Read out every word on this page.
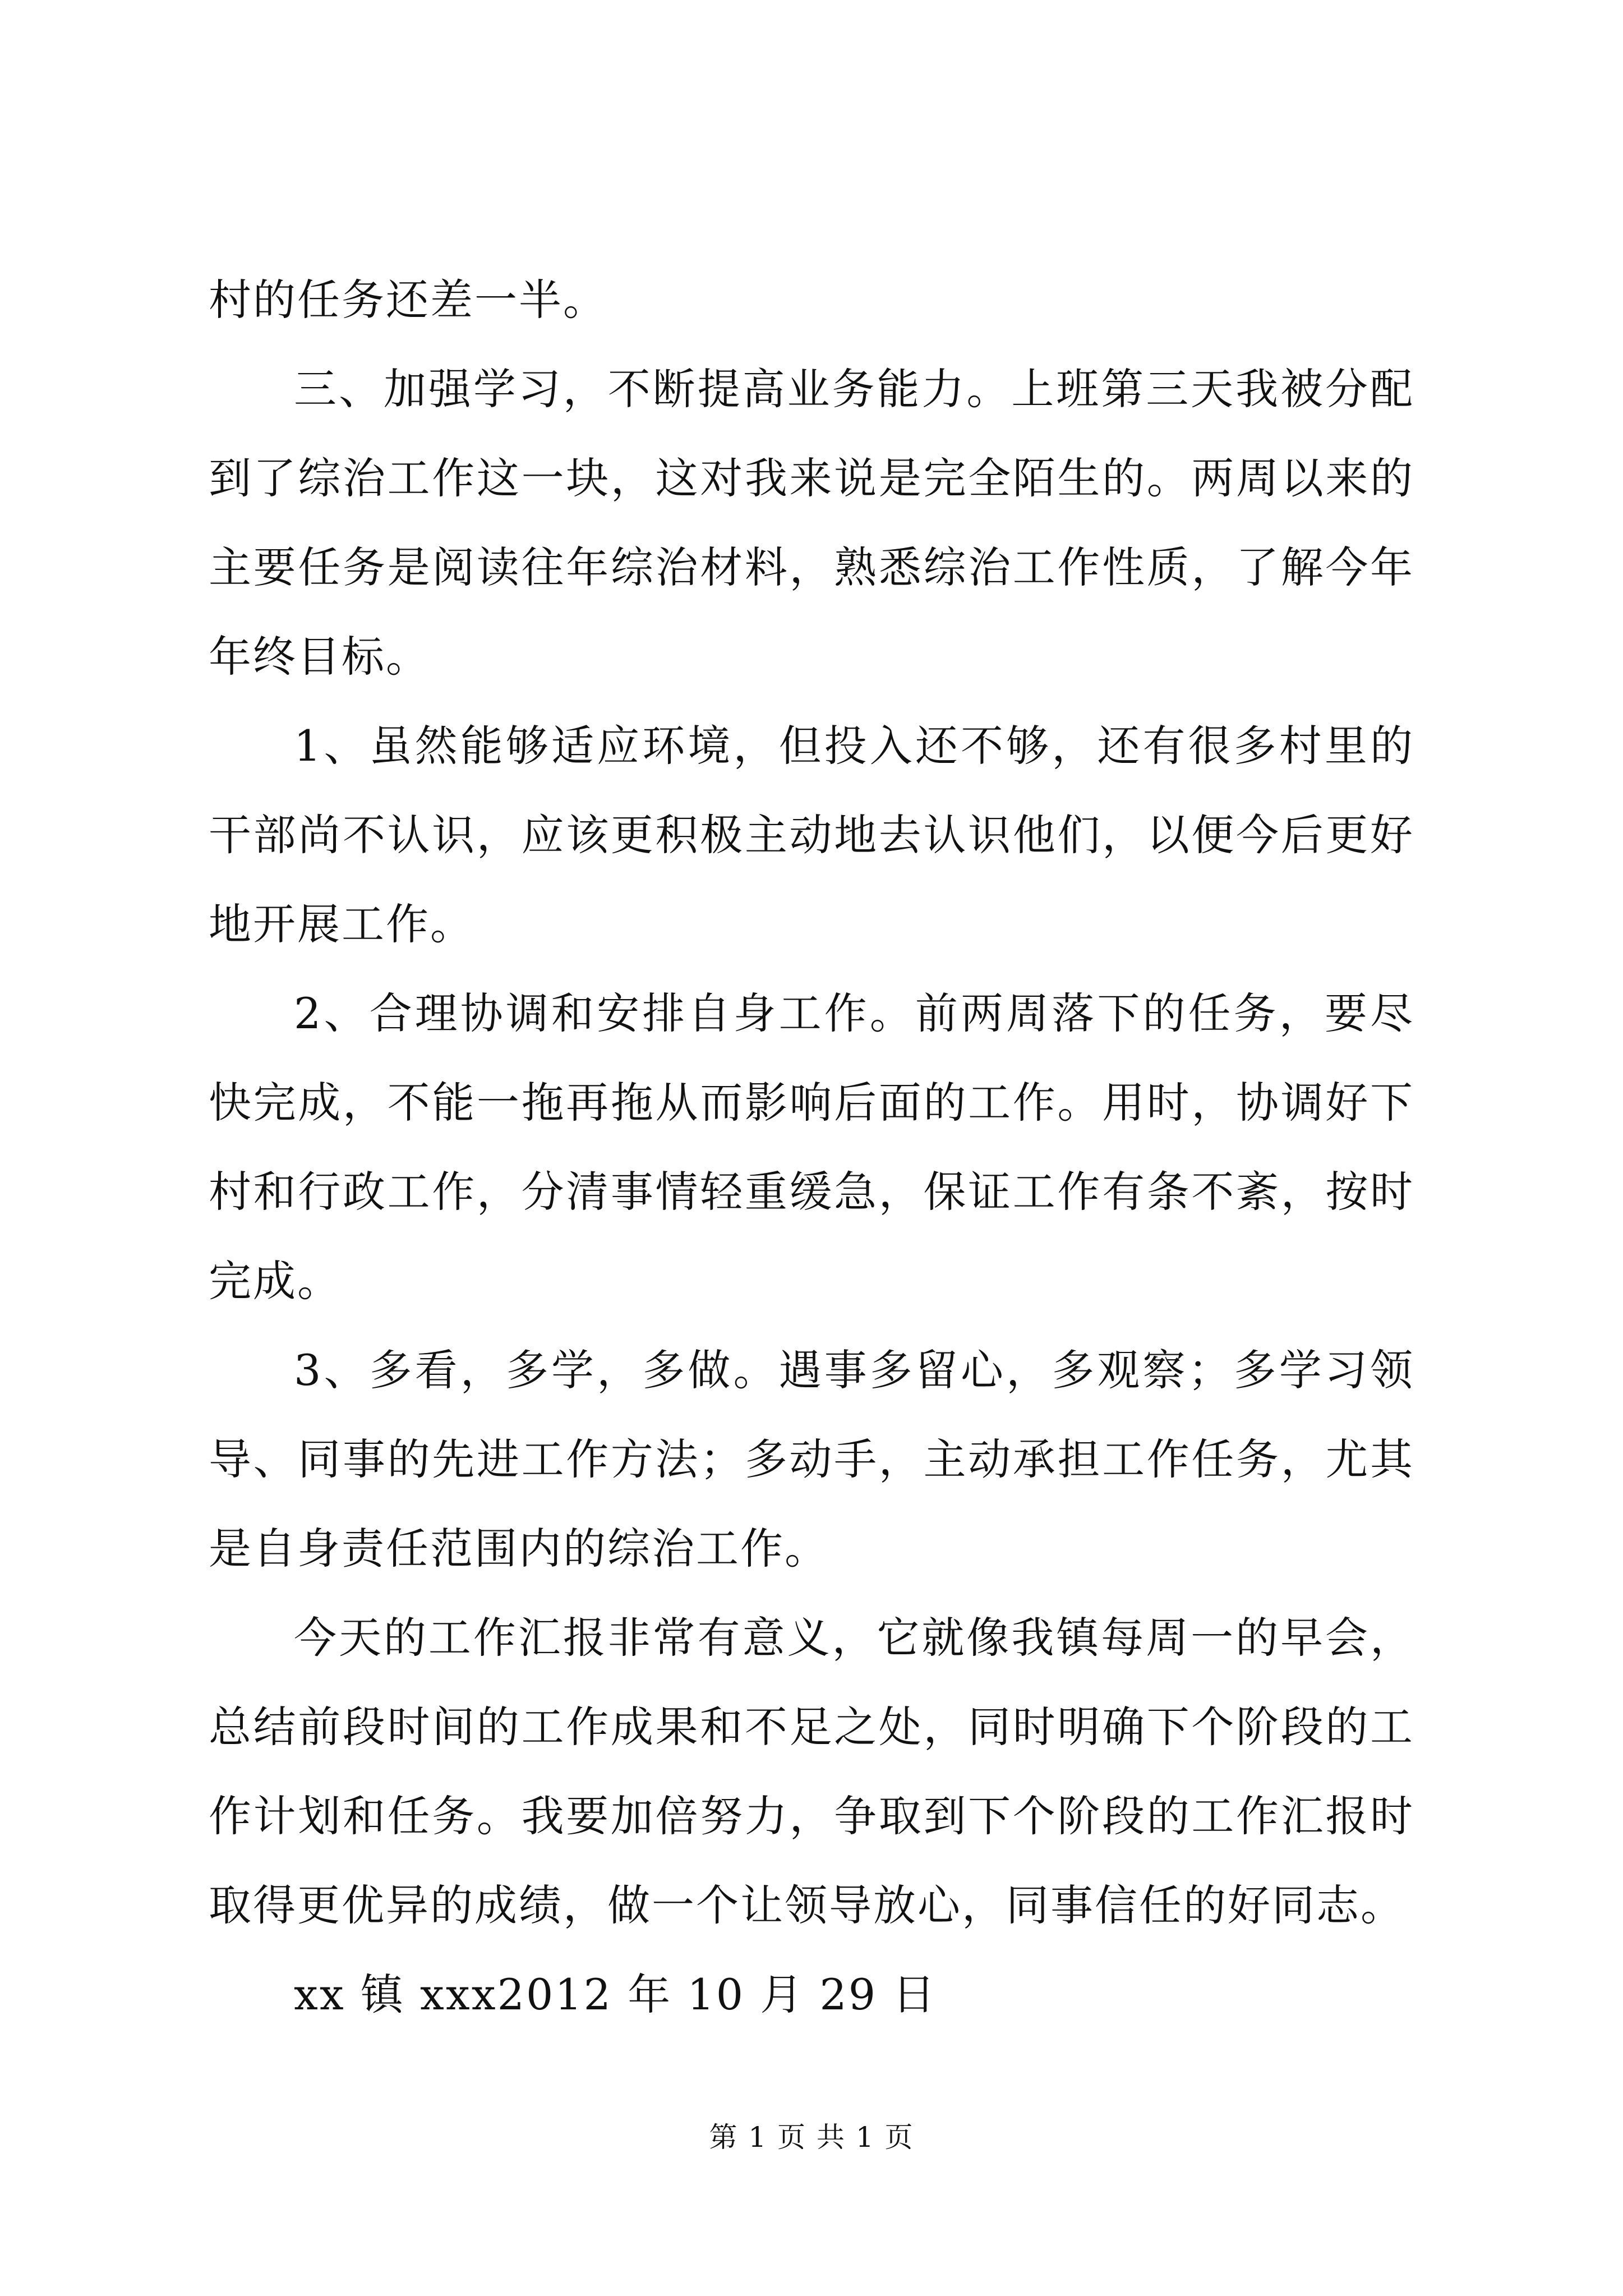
村的任务还差一半。

三、加强学习，不断提高业务能力。上班第三天我被分配到了综治工作这一块，这对我来说是完全陌生的。两周以来的主要任务是阅读往年综治材料，熟悉综治工作性质，了解今年年终目标。

1、虽然能够适应环境，但投入还不够，还有很多村里的干部尚不认识，应该更积极主动地去认识他们，以便今后更好地开展工作。

2、合理协调和安排自身工作。前两周落下的任务，要尽快完成，不能一拖再拖从而影响后面的工作。用时，协调好下村和行政工作，分清事情轻重缓急，保证工作有条不紊，按时完成。

3、多看，多学，多做。遇事多留心，多观察；多学习领导、同事的先进工作方法；多动手，主动承担工作任务，尤其是自身责任范围内的综治工作。

今天的工作汇报非常有意义，它就像我镇每周一的早会，总结前段时间的工作成果和不足之处，同时明确下个阶段的工作计划和任务。我要加倍努力，争取到下个阶段的工作汇报时取得更优异的成绩，做一个让领导放心，同事信任的好同志。

xx 镇 xxx2012 年 10 月 29 日

第 1 页 共 1 页
